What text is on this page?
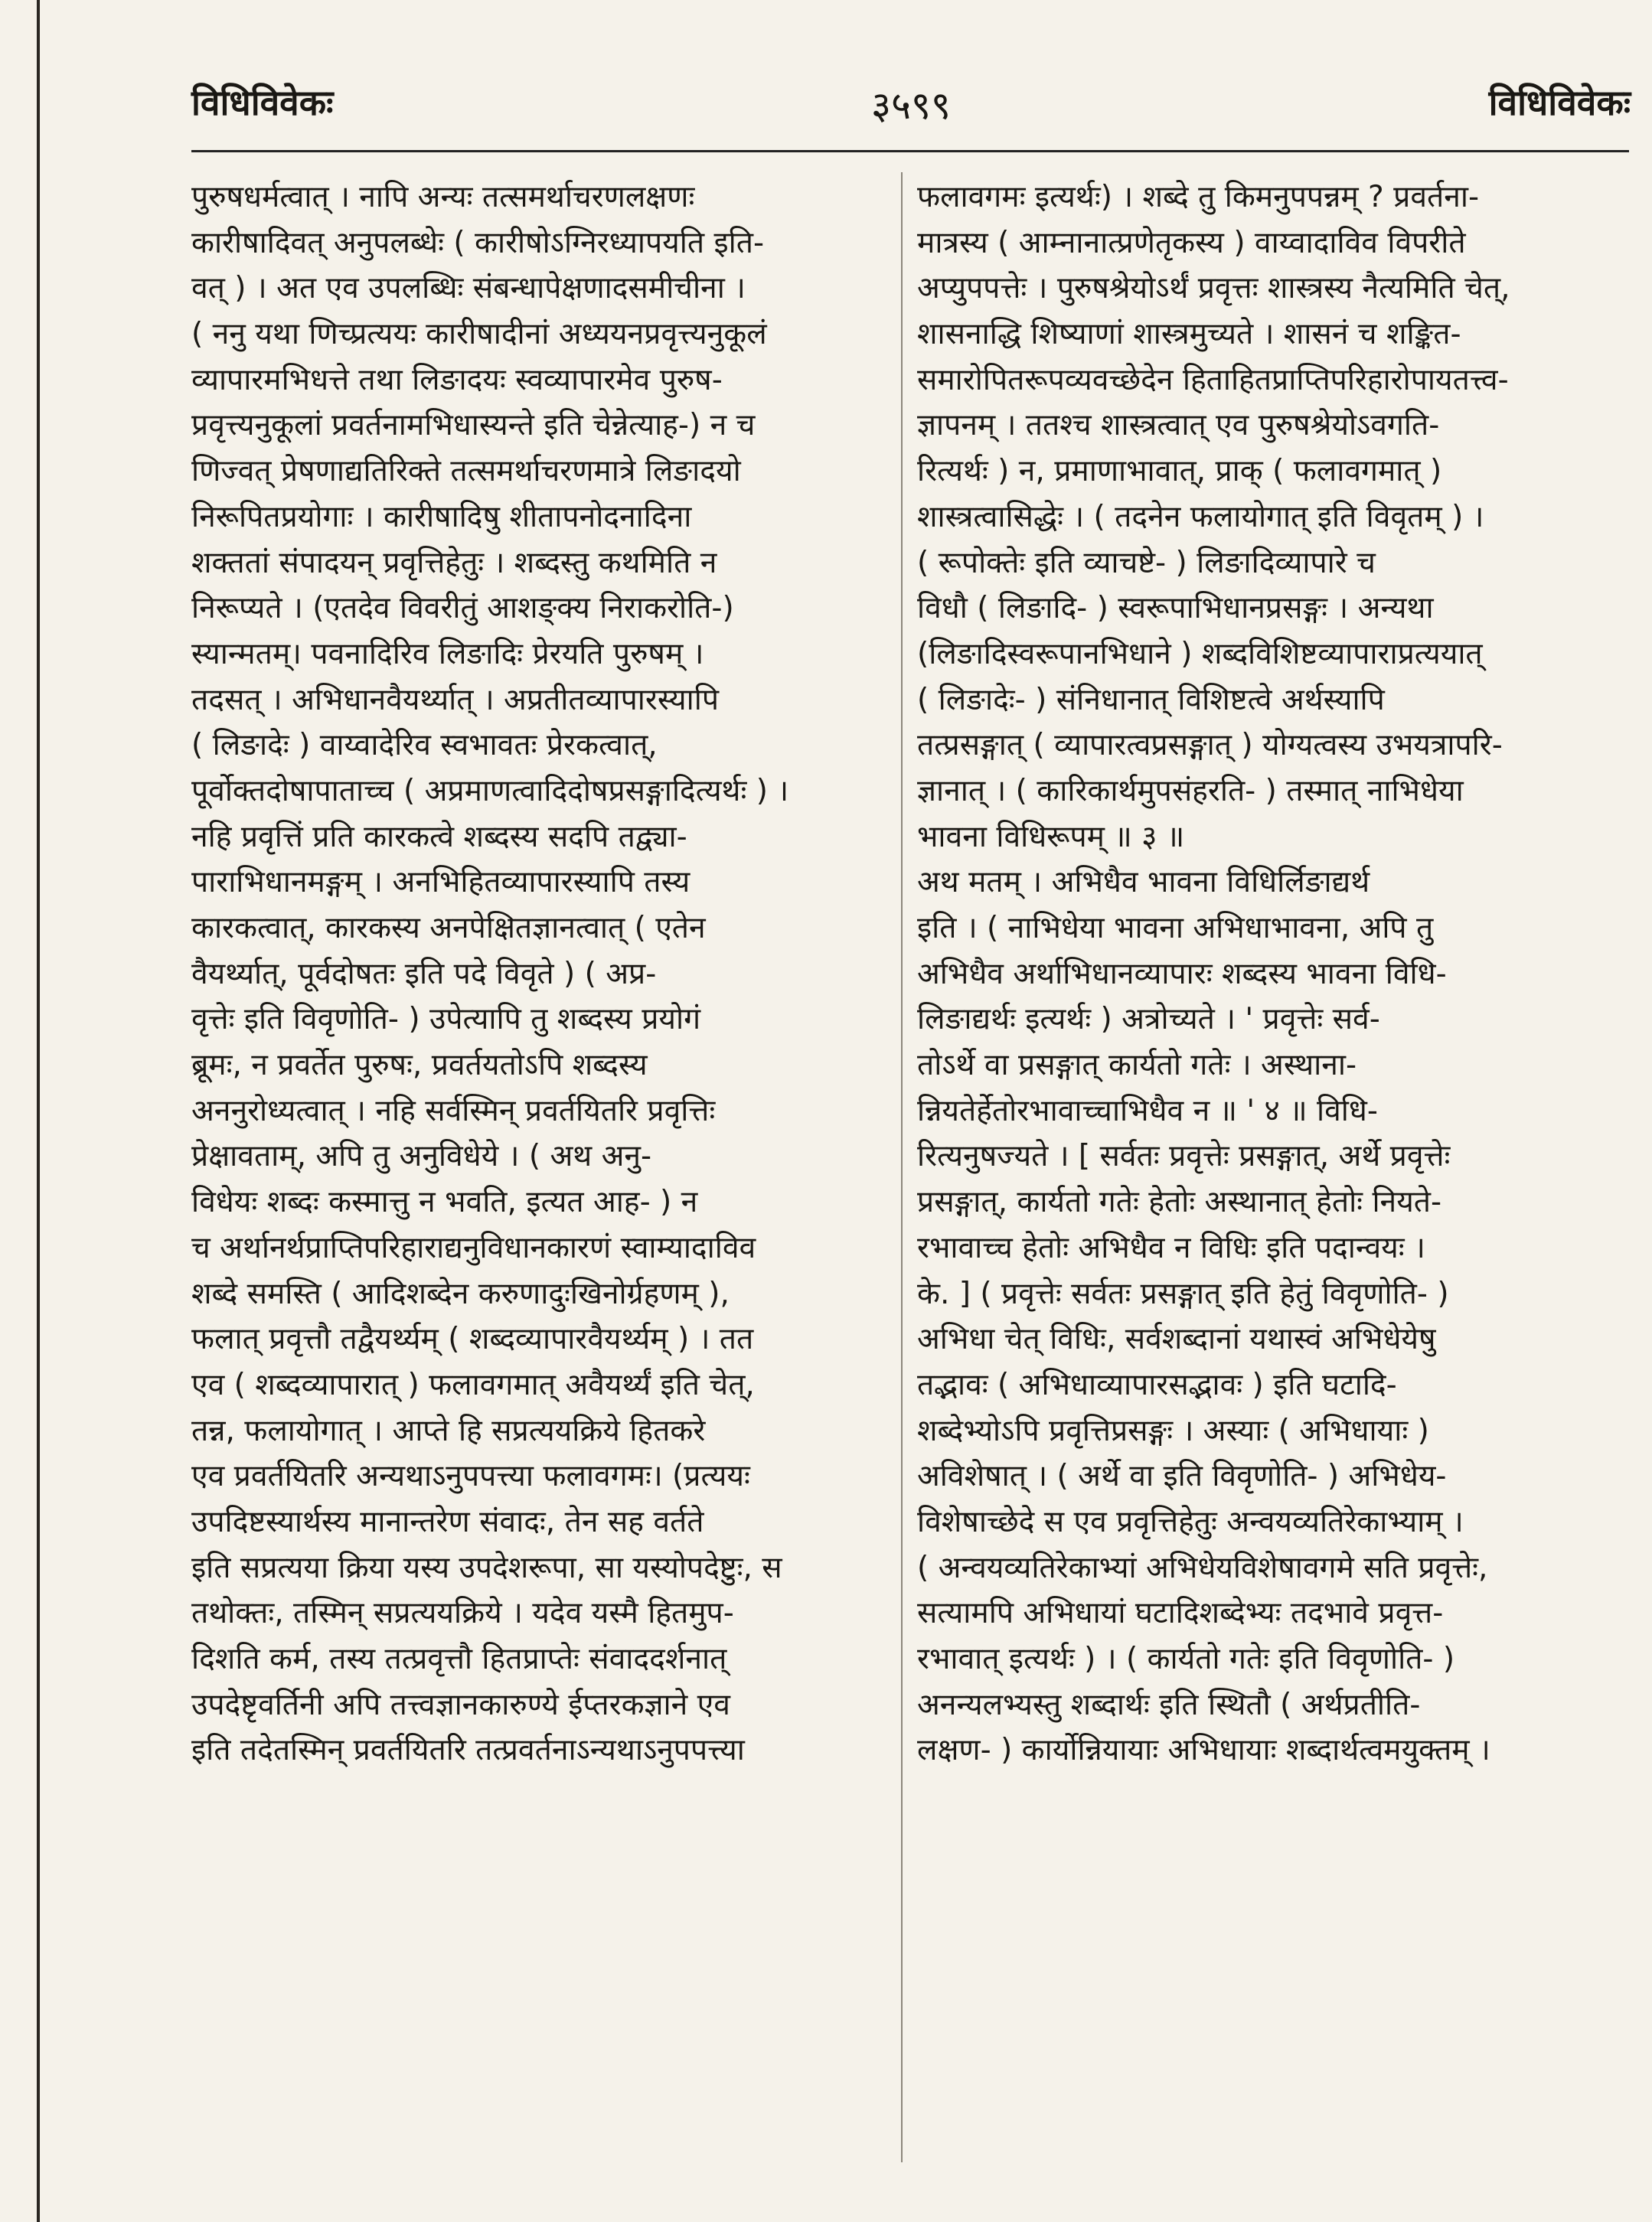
३५९९
विधिविवेकः	विधिविवेकः
पुरुषधर्मत्वात् । नापि अन्यः तत्समर्थाचरणलक्षणः
कारीषादिवत् अनुपलब्धेः ( कारीषोऽग्निरध्यापयति इति-
वत् ) । अत एव उपलब्धिः संबन्धापेक्षणादसमीचीना ।
( ननु यथा णिच्प्रत्ययः कारीषादीनां अध्ययनप्रवृत्त्यनुकूलं
व्यापारमभिधत्ते तथा लिङादयः स्वव्यापारमेव पुरुष-
प्रवृत्त्यनुकूलां प्रवर्तनामभिधास्यन्ते इति चेन्नेत्याह-) न च
णिज्वत् प्रेषणाद्यतिरिक्ते तत्समर्थाचरणमात्रे लिङादयो
निरूपितप्रयोगाः । कारीषादिषु शीतापनोदनादिना
शक्ततां संपादयन् प्रवृत्तिहेतुः । शब्दस्तु कथमिति न
निरूप्यते । (एतदेव विवरीतुं आशङ्क्य निराकरोति-)
स्यान्मतम्। पवनादिरिव लिङादिः प्रेरयति पुरुषम् ।
तदसत् । अभिधानवैयर्थ्यात् । अप्रतीतव्यापारस्यापि
( लिङादेः ) वाय्वादेरिव स्वभावतः प्रेरकत्वात्,
पूर्वोक्तदोषापाताच्च ( अप्रमाणत्वादिदोषप्रसङ्गादित्यर्थः ) ।
नहि प्रवृत्तिं प्रति कारकत्वे शब्दस्य सदपि तद्व्या-
पाराभिधानमङ्गम् । अनभिहितव्यापारस्यापि तस्य
कारकत्वात्, कारकस्य अनपेक्षितज्ञानत्वात् ( एतेन
वैयर्थ्यात्, पूर्वदोषतः इति पदे विवृते ) ( अप्र-
वृत्तेः इति विवृणोति- ) उपेत्यापि तु शब्दस्य प्रयोगं
ब्रूमः, न प्रवर्तेत पुरुषः, प्रवर्तयतोऽपि शब्दस्य
अननुरोध्यत्वात् । नहि सर्वस्मिन् प्रवर्तयितरि प्रवृत्तिः
प्रेक्षावताम्, अपि तु अनुविधेये । ( अथ अनु-
विधेयः शब्दः कस्मात्तु न भवति, इत्यत आह- ) न
च अर्थानर्थप्राप्तिपरिहाराद्यनुविधानकारणं स्वाम्यादाविव
शब्दे समस्ति ( आदिशब्देन करुणादुःखिनोर्ग्रहणम् ),
फलात् प्रवृत्तौ तद्वैयर्थ्यम् ( शब्दव्यापारवैयर्थ्यम् ) । तत
एव ( शब्दव्यापारात् ) फलावगमात् अवैयर्थ्यं इति चेत्,
तन्न, फलायोगात् । आप्ते हि सप्रत्ययक्रिये हितकरे
एव प्रवर्तयितरि अन्यथाऽनुपपत्त्या फलावगमः। (प्रत्ययः
उपदिष्टस्यार्थस्य मानान्तरेण संवादः, तेन सह वर्तते
इति सप्रत्यया क्रिया यस्य उपदेशरूपा, सा यस्योपदेष्टुः, स
तथोक्तः, तस्मिन् सप्रत्ययक्रिये । यदेव यस्मै हितमुप-
दिशति कर्म, तस्य तत्प्रवृत्तौ हितप्राप्तेः संवाददर्शनात्
उपदेष्टृवर्तिनी अपि तत्त्वज्ञानकारुण्ये ईप्तरकज्ञाने एव
इति तदेतस्मिन् प्रवर्तयितरि तत्प्रवर्तनाऽन्यथाऽनुपपत्त्या
फलावगमः इत्यर्थः) । शब्दे तु किमनुपपन्नम् ? प्रवर्तना-
मात्रस्य ( आम्नानात्प्रणेतृकस्य ) वाय्वादाविव विपरीते
अप्युपपत्तेः । पुरुषश्रेयोऽर्थं प्रवृत्तः शास्त्रस्य नैत्यमिति चेत्,
शासनाद्धि शिष्याणां शास्त्रमुच्यते । शासनं च शङ्कित-
समारोपितरूपव्यवच्छेदेन हिताहितप्राप्तिपरिहारोपायतत्त्व-
ज्ञापनम् । ततश्च शास्त्रत्वात् एव पुरुषश्रेयोऽवगति-
रित्यर्थः ) न, प्रमाणाभावात्, प्राक् ( फलावगमात् )
शास्त्रत्वासिद्धेः । ( तदनेन फलायोगात् इति विवृतम् ) ।
( रूपोक्तेः इति व्याचष्टे- ) लिङादिव्यापारे च
विधौ ( लिङादि- ) स्वरूपाभिधानप्रसङ्गः । अन्यथा
(लिङादिस्वरूपानभिधाने ) शब्दविशिष्टव्यापाराप्रत्ययात्
( लिङादेः- ) संनिधानात् विशिष्टत्वे अर्थस्यापि
तत्प्रसङ्गात् ( व्यापारत्वप्रसङ्गात् ) योग्यत्वस्य उभयत्रापरि-
ज्ञानात् । ( कारिकार्थमुपसंहरति- ) तस्मात् नाभिधेया
भावना विधिरूपम् ॥ ३ ॥
अथ मतम् । अभिधैव भावना विधिर्लिङाद्यर्थ
इति । ( नाभिधेया भावना अभिधाभावना, अपि तु
अभिधैव अर्थाभिधानव्यापारः शब्दस्य भावना विधि-
लिङाद्यर्थः इत्यर्थः ) अत्रोच्यते । ' प्रवृत्तेः सर्व-
तोऽर्थे वा प्रसङ्गात् कार्यतो गतेः । अस्थाना-
न्नियतेर्हेतोरभावाच्चाभिधैव न ॥ ' ४ ॥ विधि-
रित्यनुषज्यते । [ सर्वतः प्रवृत्तेः प्रसङ्गात्, अर्थे प्रवृत्तेः
प्रसङ्गात्, कार्यतो गतेः हेतोः अस्थानात् हेतोः नियते-
रभावाच्च हेतोः अभिधैव न विधिः इति पदान्वयः ।
के. ] ( प्रवृत्तेः सर्वतः प्रसङ्गात् इति हेतुं विवृणोति- )
अभिधा चेत् विधिः, सर्वशब्दानां यथास्वं अभिधेयेषु
तद्भावः ( अभिधाव्यापारसद्भावः ) इति घटादि-
शब्देभ्योऽपि प्रवृत्तिप्रसङ्गः । अस्याः ( अभिधायाः )
अविशेषात् । ( अर्थे वा इति विवृणोति- ) अभिधेय-
विशेषाच्छेदे स एव प्रवृत्तिहेतुः अन्वयव्यतिरेकाभ्याम् ।
( अन्वयव्यतिरेकाभ्यां अभिधेयविशेषावगमे सति प्रवृत्तेः,
सत्यामपि अभिधायां घटादिशब्देभ्यः तदभावे प्रवृत्त-
रभावात् इत्यर्थः ) । ( कार्यतो गतेः इति विवृणोति- )
अनन्यलभ्यस्तु शब्दार्थः इति स्थितौ ( अर्थप्रतीति-
लक्षण- ) कार्योन्नियायाः अभिधायाः शब्दार्थत्वमयुक्तम् ।
